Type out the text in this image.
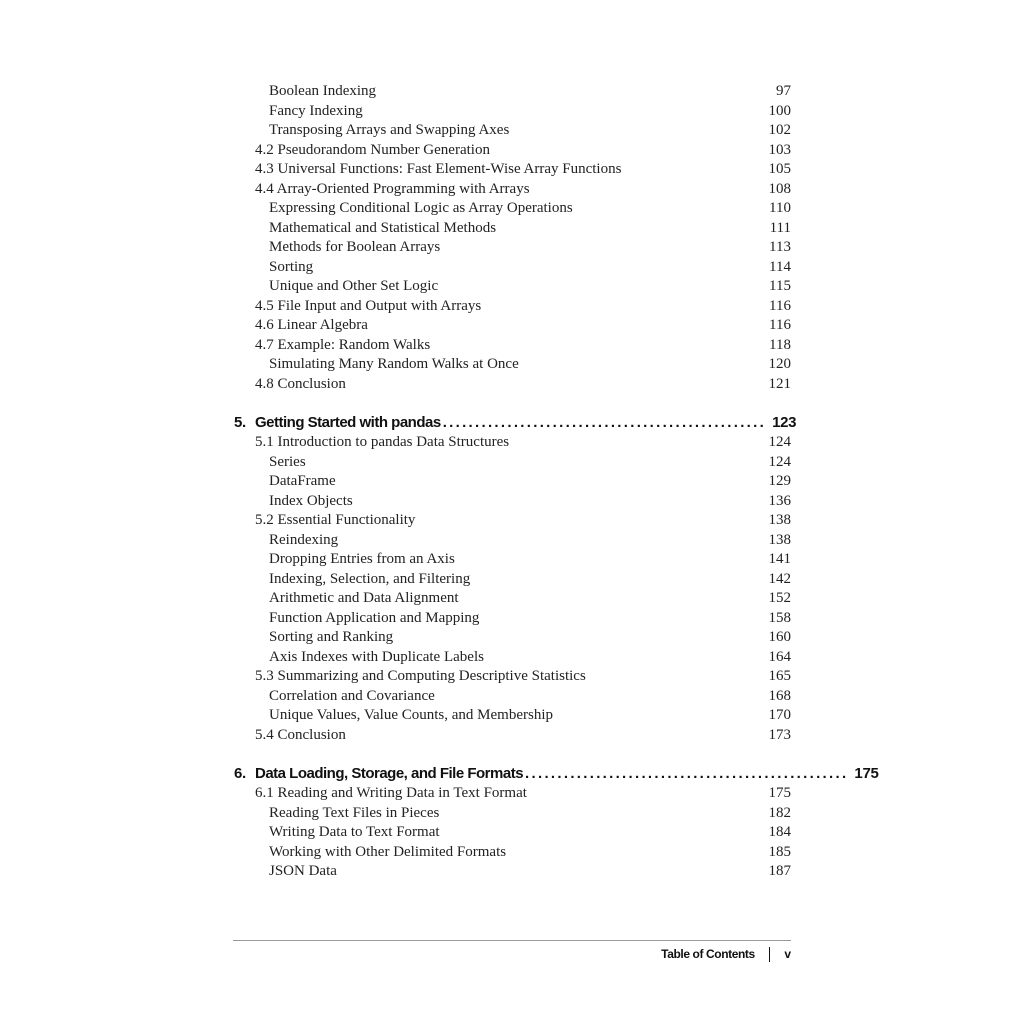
Boolean Indexing	97
Fancy Indexing	100
Transposing Arrays and Swapping Axes	102
4.2 Pseudorandom Number Generation	103
4.3 Universal Functions: Fast Element-Wise Array Functions	105
4.4 Array-Oriented Programming with Arrays	108
Expressing Conditional Logic as Array Operations	110
Mathematical and Statistical Methods	111
Methods for Boolean Arrays	113
Sorting	114
Unique and Other Set Logic	115
4.5 File Input and Output with Arrays	116
4.6 Linear Algebra	116
4.7 Example: Random Walks	118
Simulating Many Random Walks at Once	120
4.8 Conclusion	121
5. Getting Started with pandas .................................................. 123
5.1 Introduction to pandas Data Structures	124
Series	124
DataFrame	129
Index Objects	136
5.2 Essential Functionality	138
Reindexing	138
Dropping Entries from an Axis	141
Indexing, Selection, and Filtering	142
Arithmetic and Data Alignment	152
Function Application and Mapping	158
Sorting and Ranking	160
Axis Indexes with Duplicate Labels	164
5.3 Summarizing and Computing Descriptive Statistics	165
Correlation and Covariance	168
Unique Values, Value Counts, and Membership	170
5.4 Conclusion	173
6. Data Loading, Storage, and File Formats .................................................. 175
6.1 Reading and Writing Data in Text Format	175
Reading Text Files in Pieces	182
Writing Data to Text Format	184
Working with Other Delimited Formats	185
JSON Data	187
Table of Contents v
